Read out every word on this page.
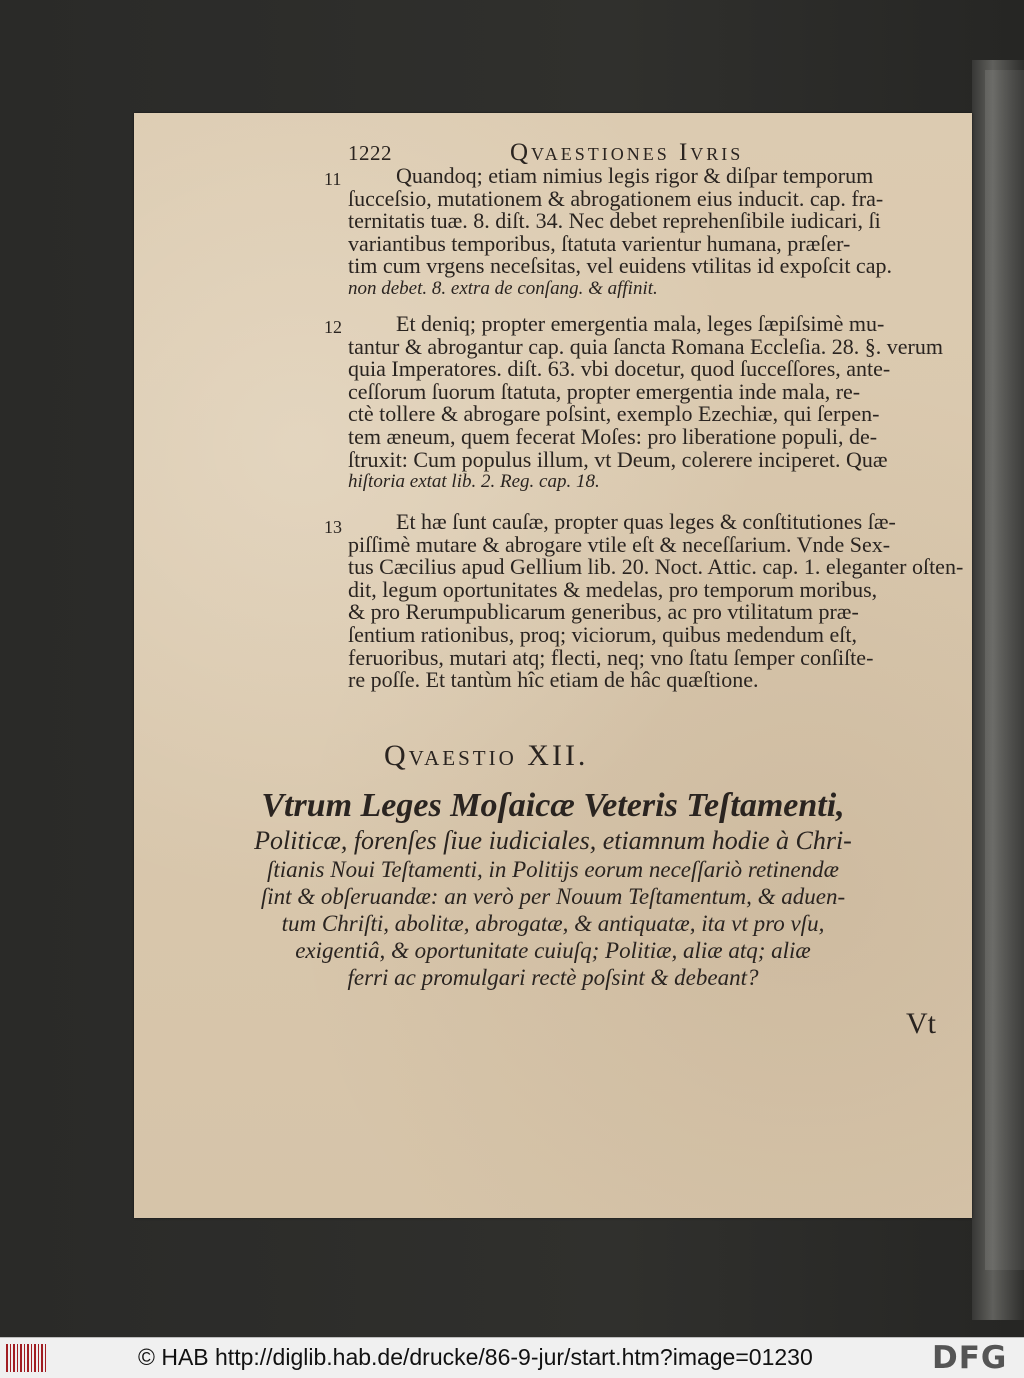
1222	Qvaestiones Ivris
11	Quandoq; etiam nimius legis rigor & diſpar temporum
ſucceſsio, mutationem & abrogationem eius inducit. cap. fra-
ternitatis tuæ. 8. diſt. 34. Nec debet reprehenſibile iudicari, ſi
variantibus temporibus, ſtatuta varientur humana, præſer-
tim cum vrgens neceſsitas, vel euidens vtilitas id expoſcit cap.
non debet. 8. extra de conſang. & affinit.
12	Et deniq; propter emergentia mala, leges ſæpiſsimè mu-
tantur & abrogantur cap. quia ſancta Romana Eccleſia. 28. §. verum
quia Imperatores. diſt. 63. vbi docetur, quod ſucceſſores, ante-
ceſſorum ſuorum ſtatuta, propter emergentia inde mala, re-
ctè tollere & abrogare poſsint, exemplo Ezechiæ, qui ſerpen-
tem æneum, quem fecerat Moſes: pro liberatione populi, de-
ſtruxit: Cum populus illum, vt Deum, colerere inciperet. Quæ
hiſtoria extat lib. 2. Reg. cap. 18.
13	Et hæ ſunt cauſæ, propter quas leges & conſtitutiones ſæ-
piſſimè mutare & abrogare vtile eſt & neceſſarium. Vnde Sex-
tus Cæcilius apud Gellium lib. 20. Noct. Attic. cap. 1. eleganter oſten-
dit, legum oportunitates & medelas, pro temporum moribus,
& pro Rerumpublicarum generibus, ac pro vtilitatum præ-
ſentium rationibus, proq; viciorum, quibus medendum eſt,
feruoribus, mutari atq; flecti, neq; vno ſtatu ſemper conſiſte-
re poſſe. Et tantùm hîc etiam de hâc quæſtione.
Qvaestio XII.
Vtrum Leges Moſaicæ Veteris Teſtamenti,
Politicæ, forenſes ſiue iudiciales, etiamnum hodie à Chri-
ſtianis Noui Teſtamenti, in Politijs eorum neceſſariò retinendæ
ſint & obſeruandæ: an verò per Nouum Teſtamentum, & aduen-
tum Chriſti, abolitæ, abrogatæ, & antiquatæ, ita vt pro vſu,
exigentiâ, & oportunitate cuiuſq; Politiæ, aliæ atq; aliæ
ferri ac promulgari rectè poſsint & debeant?
Vt
© HAB http://diglib.hab.de/drucke/86-9-jur/start.htm?image=01230	DFG
